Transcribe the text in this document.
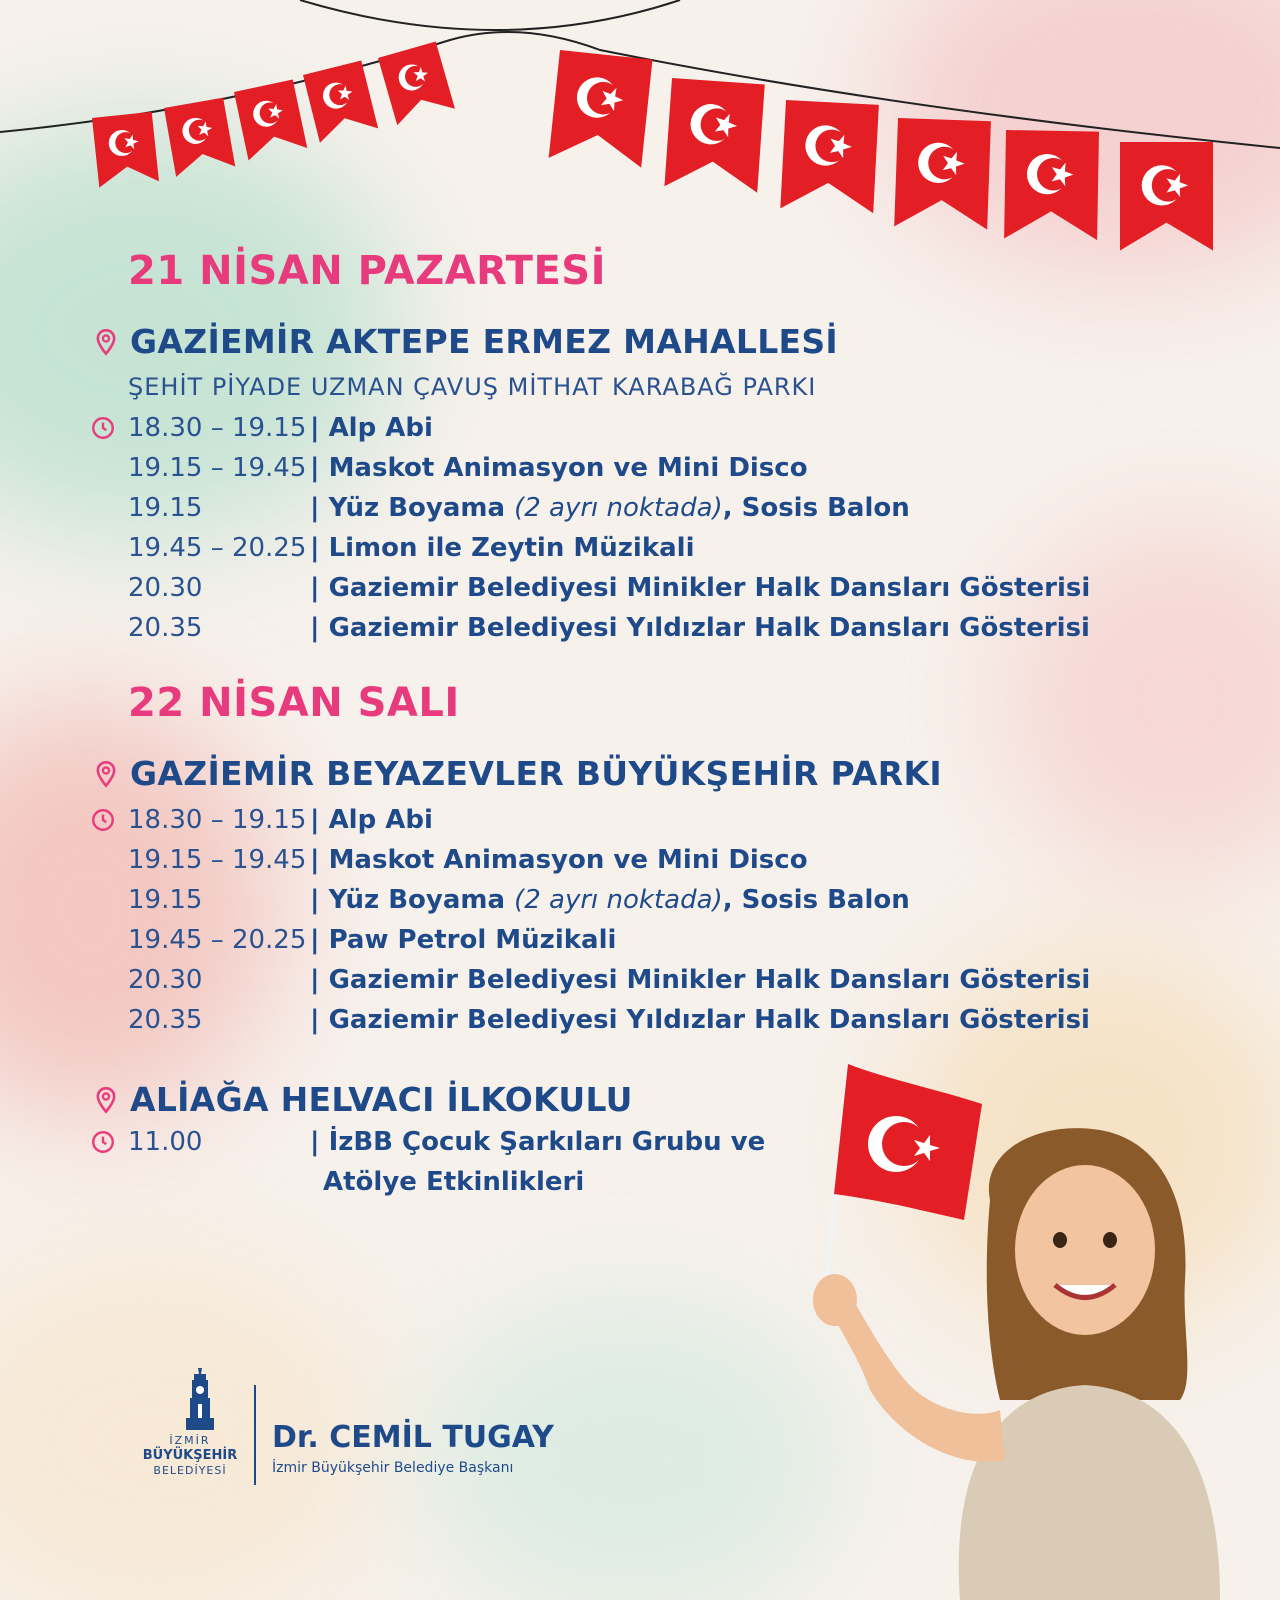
21 NİSAN PAZARTESİ
GAZİEMİR AKTEPE ERMEZ MAHALLESİ
ŞEHİT PİYADE UZMAN ÇAVUŞ MİTHAT KARABAĞ PARKI
18.30 – 19.15 | Alp Abi
19.15 – 19.45 | Maskot Animasyon ve Mini Disco
19.15	| Yüz Boyama (2 ayrı noktada), Sosis Balon
19.45 – 20.25 | Limon ile Zeytin Müzikali
20.30	| Gaziemir Belediyesi Minikler Halk Dansları Gösterisi
20.35	| Gaziemir Belediyesi Yıldızlar Halk Dansları Gösterisi
22 NİSAN SALI
GAZİEMİR BEYAZEVLER BÜYÜKŞEHİR PARKI
18.30 – 19.15 | Alp Abi
19.15 – 19.45 | Maskot Animasyon ve Mini Disco
19.15	| Yüz Boyama (2 ayrı noktada), Sosis Balon
19.45 – 20.25 | Paw Petrol Müzikali
20.30	| Gaziemir Belediyesi Minikler Halk Dansları Gösterisi
20.35	| Gaziemir Belediyesi Yıldızlar Halk Dansları Gösterisi
ALİAĞA HELVACI İLKOKULU
11.00	| İzBB Çocuk Şarkıları Grubu ve
Atölye Etkinlikleri
İZMİR
BÜYÜKŞEHİR
BELEDİYESİ
Dr. CEMİL TUGAY
İzmir Büyükşehir Belediye Başkanı
